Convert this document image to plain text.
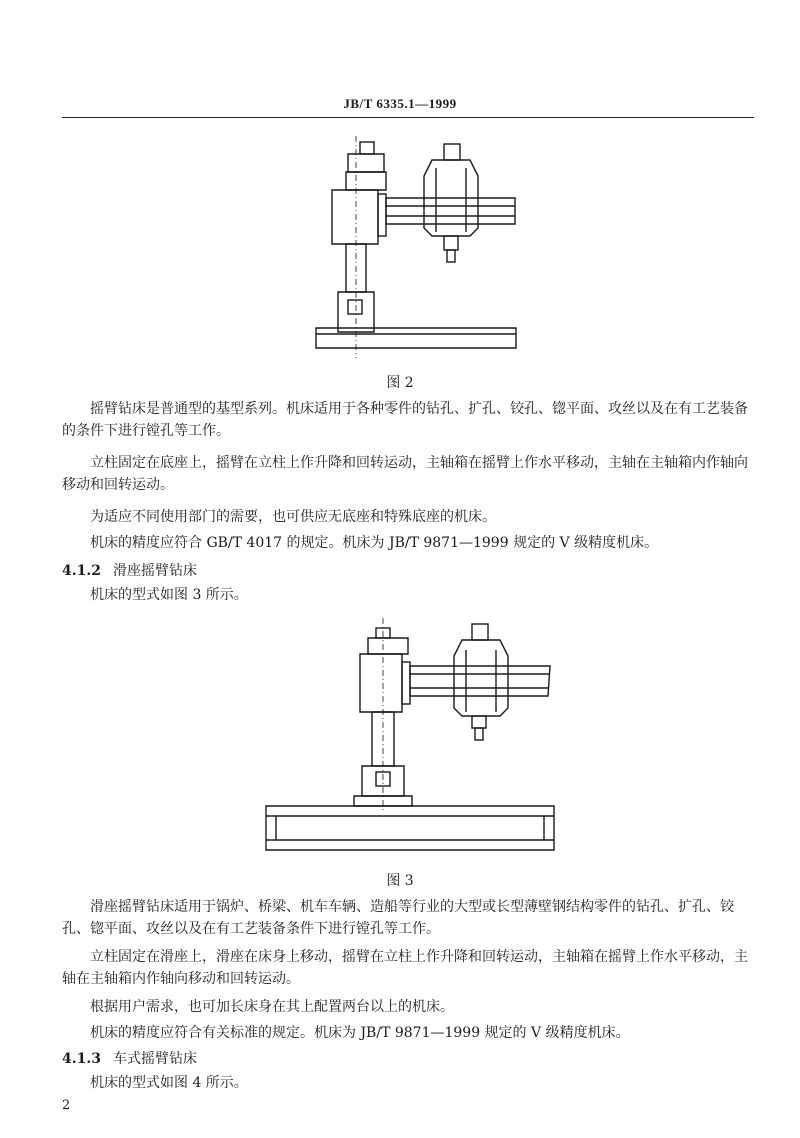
JB/T 6335.1—1999
图 2
摇臂钻床是普通型的基型系列。机床适用于各种零件的钻孔、扩孔、铰孔、锪平面、攻丝以及在有工艺装备的条件下进行镗孔等工作。
立柱固定在底座上，摇臂在立柱上作升降和回转运动，主轴箱在摇臂上作水平移动，主轴在主轴箱内作轴向移动和回转运动。
为适应不同使用部门的需要，也可供应无底座和特殊底座的机床。
机床的精度应符合 GB/T 4017 的规定。机床为 JB/T 9871—1999 规定的 V 级精度机床。
4.1.2 滑座摇臂钻床
机床的型式如图 3 所示。
图 3
滑座摇臂钻床适用于锅炉、桥梁、机车车辆、造船等行业的大型或长型薄壁钢结构零件的钻孔、扩孔、铰孔、锪平面、攻丝以及在有工艺装备条件下进行镗孔等工作。
立柱固定在滑座上，滑座在床身上移动，摇臂在立柱上作升降和回转运动，主轴箱在摇臂上作水平移动，主轴在主轴箱内作轴向移动和回转运动。
根据用户需求，也可加长床身在其上配置两台以上的机床。
机床的精度应符合有关标准的规定。机床为 JB/T 9871—1999 规定的 V 级精度机床。
4.1.3 车式摇臂钻床
机床的型式如图 4 所示。
2
